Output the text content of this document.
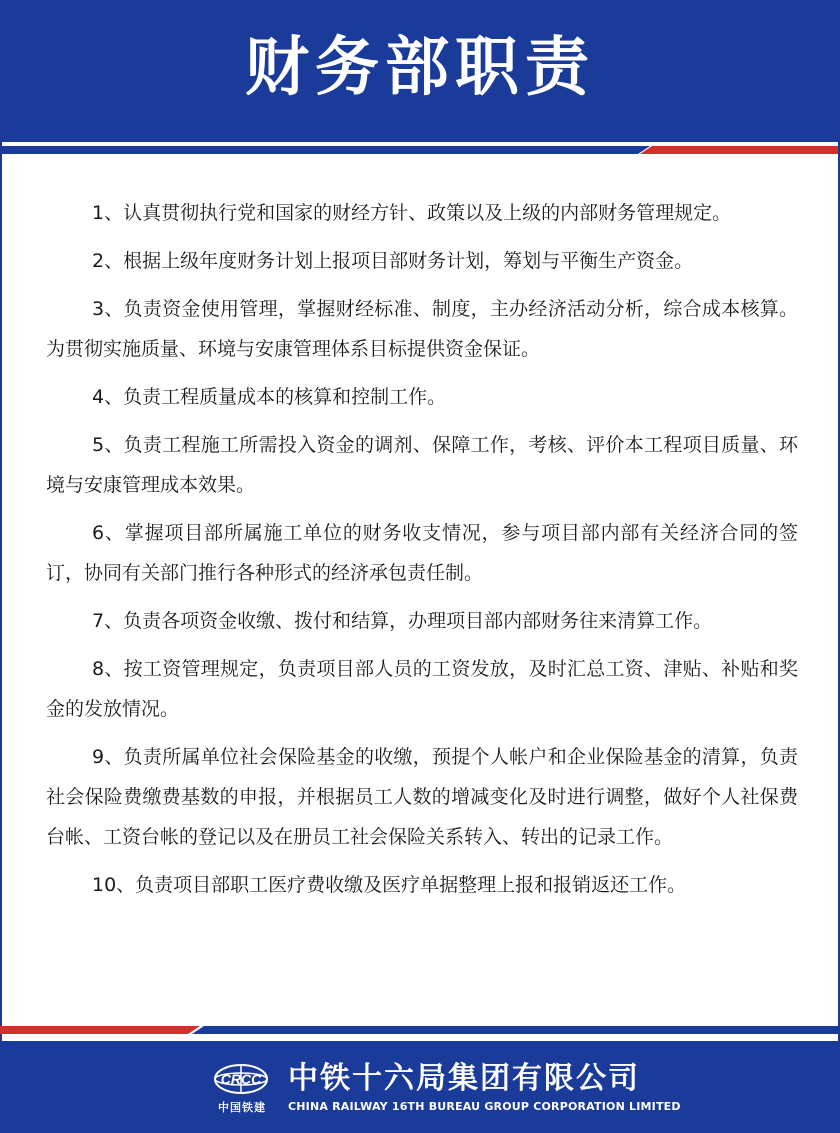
财务部职责

1、认真贯彻执行党和国家的财经方针、政策以及上级的内部财务管理规定。

2、根据上级年度财务计划上报项目部财务计划，筹划与平衡生产资金。

3、负责资金使用管理，掌握财经标准、制度，主办经济活动分析，综合成本核算。为贯彻实施质量、环境与安康管理体系目标提供资金保证。

4、负责工程质量成本的核算和控制工作。

5、负责工程施工所需投入资金的调剂、保障工作，考核、评价本工程项目质量、环境与安康管理成本效果。

6、掌握项目部所属施工单位的财务收支情况，参与项目部内部有关经济合同的签订，协同有关部门推行各种形式的经济承包责任制。

7、负责各项资金收缴、拨付和结算，办理项目部内部财务往来清算工作。

8、按工资管理规定，负责项目部人员的工资发放，及时汇总工资、津贴、补贴和奖金的发放情况。

9、负责所属单位社会保险基金的收缴，预提个人帐户和企业保险基金的清算，负责社会保险费缴费基数的申报，并根据员工人数的增减变化及时进行调整，做好个人社保费台帐、工资台帐的登记以及在册员工社会保险关系转入、转出的记录工作。

10、负责项目部职工医疗费收缴及医疗单据整理上报和报销返还工作。

CRCC
中国铁建
中铁十六局集团有限公司
CHINA RAILWAY 16TH BUREAU GROUP CORPORATION LIMITED
